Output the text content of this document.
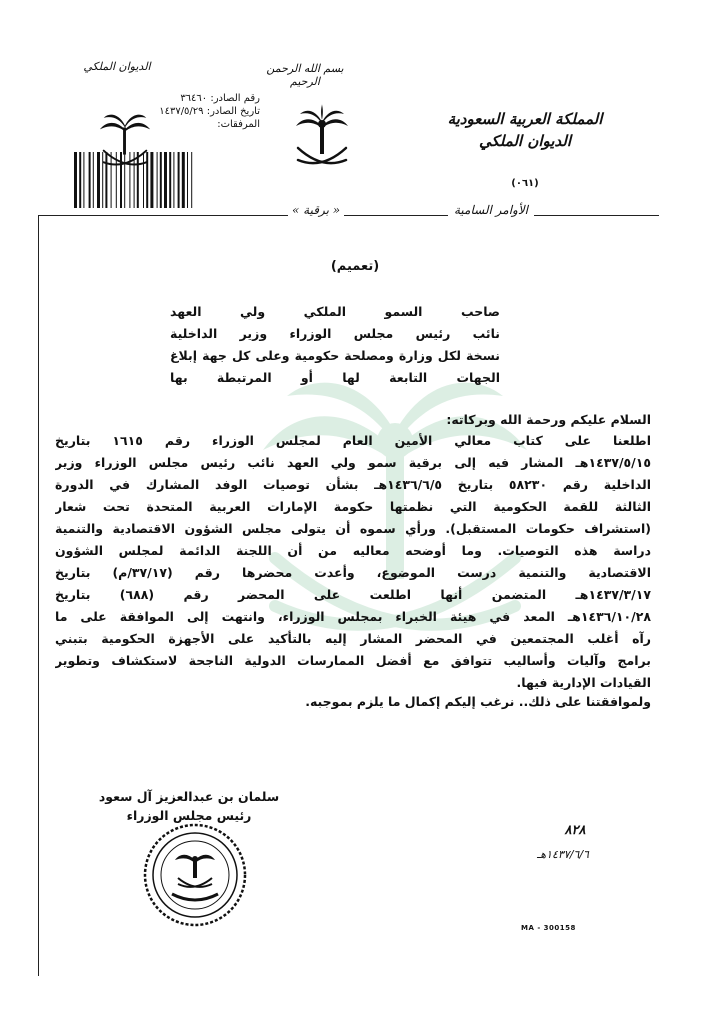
بسم الله الرحمن الرحيم
الديوان الملكي
رقم الصادر: ٣٦٤٦٠
تاريخ الصادر: ١٤٣٧/٥/٢٩
المرفقات:	المملكة العربية السعودية
الديوان الملكي
(٠٦١)
الأوامر السامية
« برقية »
(تعميم)
صاحب السمو الملكي ولي العهد
نائب رئيس مجلس الوزراء وزير الداخلية
نسخة لكل وزارة ومصلحة حكومية وعلى كل جهة إبلاغ
الجهات التابعة لها أو المرتبطة بها
السلام عليكم ورحمة الله وبركاته:
اطلعنا على كتاب معالي الأمين العام لمجلس الوزراء رقم ١٦١٥ بتاريخ
١٤٣٧/٥/١٥هـ المشار فيه إلى برقية سمو ولي العهد نائب رئيس مجلس الوزراء وزير
الداخلية رقم ٥٨٢٣٠ بتاريخ ١٤٣٦/٦/٥هـ بشأن توصيات الوفد المشارك في الدورة
الثالثة للقمة الحكومية التي نظمتها حكومة الإمارات العربية المتحدة تحت شعار
(استشراف حكومات المستقبل). ورأي سموه أن يتولى مجلس الشؤون الاقتصادية والتنمية
دراسة هذه التوصيات. وما أوضحه معاليه من أن اللجنة الدائمة لمجلس الشؤون
الاقتصادية والتنمية درست الموضوع، وأعدت محضرها رقم (٣٧/١٧/م) بتاريخ
١٤٣٧/٣/١٧هـ المتضمن أنها اطلعت على المحضر رقم (٦٨٨) بتاريخ
١٤٣٦/١٠/٢٨هـ المعد في هيئة الخبراء بمجلس الوزراء، وانتهت إلى الموافقة على ما
رآه أغلب المجتمعين في المحضر المشار إليه بالتأكيد على الأجهزة الحكومية بتبني
برامج وآليات وأساليب تتوافق مع أفضل الممارسات الدولية الناجحة لاستكشاف وتطوير
القيادات الإدارية فيها.
ولموافقتنا على ذلك.. نرغب إليكم إكمال ما يلزم بموجبه.
سلمان بن عبدالعزيز آل سعود
رئيس مجلس الوزراء
٨٢٨
١٤٣٧/٦/٦هـ
MA - 300158
